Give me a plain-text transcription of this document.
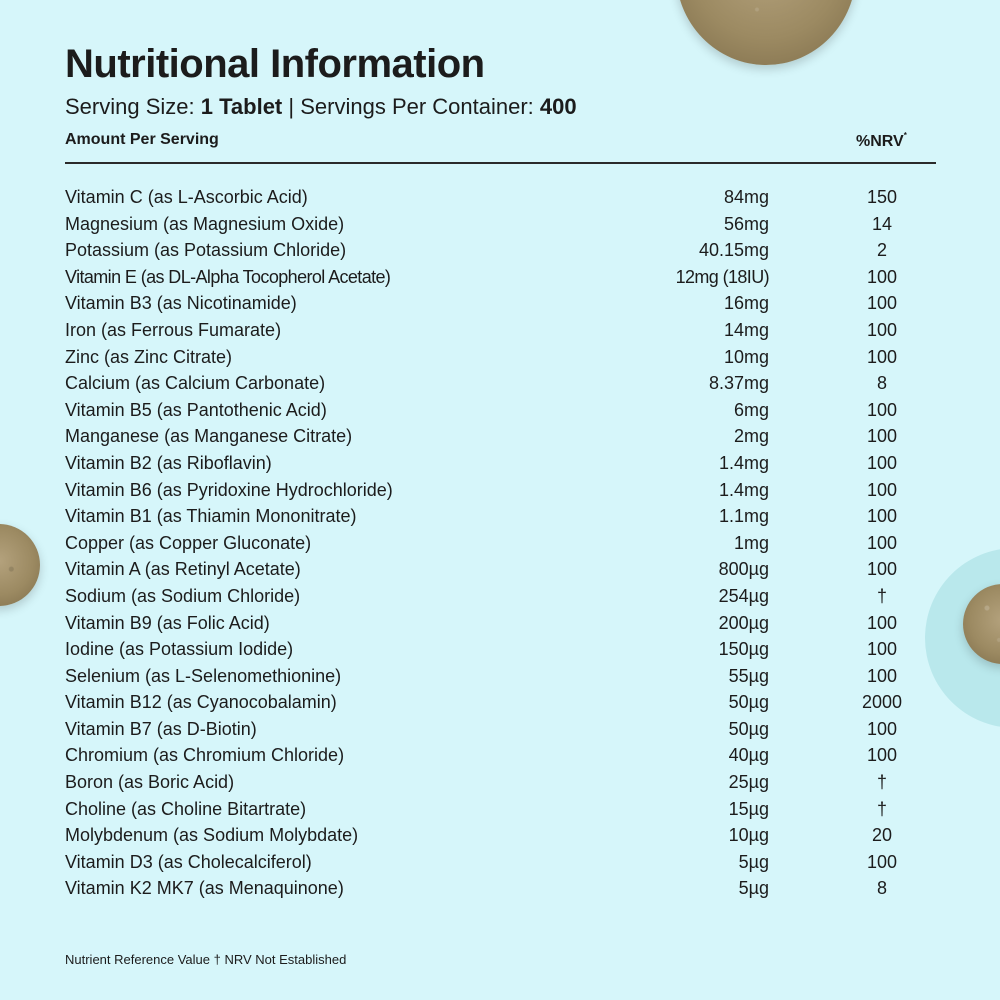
Nutritional Information
Serving Size: 1 Tablet | Servings Per Container: 400
Amount Per Serving	%NRV*
Vitamin C (as L-Ascorbic Acid)	84mg	150
Magnesium (as Magnesium Oxide)	56mg	14
Potassium (as Potassium Chloride)	40.15mg	2
Vitamin E (as DL-Alpha Tocopherol Acetate)	12mg (18IU)	100
Vitamin B3 (as Nicotinamide)	16mg	100
Iron (as Ferrous Fumarate)	14mg	100
Zinc (as Zinc Citrate)	10mg	100
Calcium (as Calcium Carbonate)	8.37mg	8
Vitamin B5 (as Pantothenic Acid)	6mg	100
Manganese (as Manganese Citrate)	2mg	100
Vitamin B2 (as Riboflavin)	1.4mg	100
Vitamin B6 (as Pyridoxine Hydrochloride)	1.4mg	100
Vitamin B1 (as Thiamin Mononitrate)	1.1mg	100
Copper (as Copper Gluconate)	1mg	100
Vitamin A (as Retinyl Acetate)	800µg	100
Sodium (as Sodium Chloride)	254µg	†
Vitamin B9 (as Folic Acid)	200µg	100
Iodine (as Potassium Iodide)	150µg	100
Selenium (as L-Selenomethionine)	55µg	100
Vitamin B12 (as Cyanocobalamin)	50µg	2000
Vitamin B7 (as D-Biotin)	50µg	100
Chromium (as Chromium Chloride)	40µg	100
Boron (as Boric Acid)	25µg	†
Choline (as Choline Bitartrate)	15µg	†
Molybdenum (as Sodium Molybdate)	10µg	20
Vitamin D3 (as Cholecalciferol)	5µg	100
Vitamin K2 MK7 (as Menaquinone)	5µg	8
Nutrient Reference Value † NRV Not Established
